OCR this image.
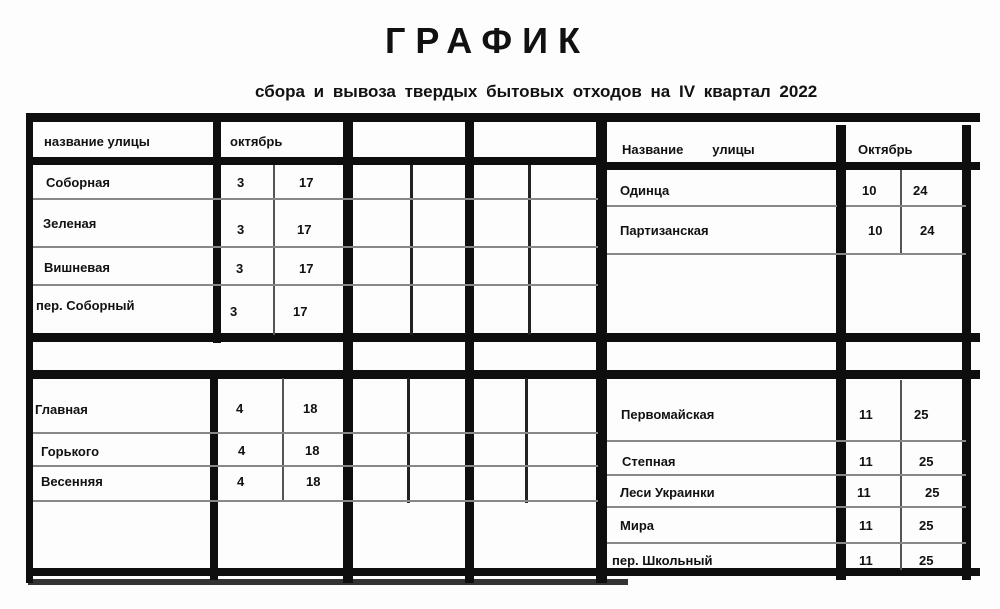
ГРАФИК
сбора и вывоза твердых бытовых отходов на IV квартал 2022
название улицы	октябрь
Соборная	3	17
Зеленая	3	17
Вишневая	3	17
пер. Соборный	3	17
Главная	4	18
Горького	4	18
Весенняя	4	18
Название        улицы	Октябрь
Одинца	10	24
Партизанская	10	24
Первомайская	11	25
Степная	11	25
Леси Украинки	11	25
Мира	11	25
пер. Школьный	11	25
